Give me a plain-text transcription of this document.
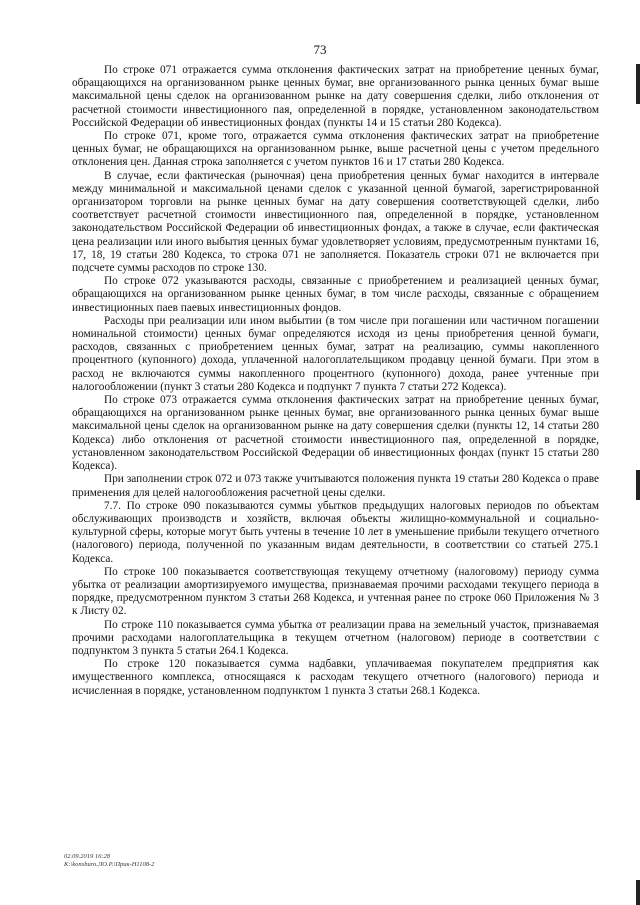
73

По строке 071 отражается сумма отклонения фактических затрат на приобретение ценных бумаг, обращающихся на организованном рынке ценных бумаг, вне организованного рынка ценных бумаг выше максимальной цены сделок на организованном рынке на дату совершения сделки, либо отклонения от расчетной стоимости инвестиционного пая, определенной в порядке, установленном законодательством Российской Федерации об инвестиционных фондах (пункты 14 и 15 статьи 280 Кодекса).

По строке 071, кроме того, отражается сумма отклонения фактических затрат на приобретение ценных бумаг, не обращающихся на организованном рынке, выше расчетной цены с учетом предельного отклонения цен. Данная строка заполняется с учетом пунктов 16 и 17 статьи 280 Кодекса.

В случае, если фактическая (рыночная) цена приобретения ценных бумаг находится в интервале между минимальной и максимальной ценами сделок с указанной ценной бумагой, зарегистрированной организатором торговли на рынке ценных бумаг на дату совершения соответствующей сделки, либо соответствует расчетной стоимости инвестиционного пая, определенной в порядке, установленном законодательством Российской Федерации об инвестиционных фондах, а также в случае, если фактическая цена реализации или иного выбытия ценных бумаг удовлетворяет условиям, предусмотренным пунктами 16, 17, 18, 19 статьи 280 Кодекса, то строка 071 не заполняется. Показатель строки 071 не включается при подсчете суммы расходов по строке 130.

По строке 072 указываются расходы, связанные с приобретением и реализацией ценных бумаг, обращающихся на организованном рынке ценных бумаг, в том числе расходы, связанные с обращением инвестиционных паев паевых инвестиционных фондов.

Расходы при реализации или ином выбытии (в том числе при погашении или частичном погашении номинальной стоимости) ценных бумаг определяются исходя из цены приобретения ценной бумаги, расходов, связанных с приобретением ценных бумаг, затрат на реализацию, суммы накопленного процентного (купонного) дохода, уплаченной налогоплательщиком продавцу ценной бумаги. При этом в расход не включаются суммы накопленного процентного (купонного) дохода, ранее учтенные при налогообложении (пункт 3 статьи 280 Кодекса и подпункт 7 пункта 7 статьи 272 Кодекса).

По строке 073 отражается сумма отклонения фактических затрат на приобретение ценных бумаг, обращающихся на организованном рынке ценных бумаг, вне организованного рынка ценных бумаг выше максимальной цены сделок на организованном рынке на дату совершения сделки (пункты 12, 14 статьи 280 Кодекса) либо отклонения от расчетной стоимости инвестиционного пая, определенной в порядке, установленном законодательством Российской Федерации об инвестиционных фондах (пункт 15 статьи 280 Кодекса).

При заполнении строк 072 и 073 также учитываются положения пункта 19 статьи 280 Кодекса о праве применения для целей налогообложения расчетной цены сделки.

7.7. По строке 090 показываются суммы убытков предыдущих налоговых периодов по объектам обслуживающих производств и хозяйств, включая объекты жилищно-коммунальной и социально-культурной сферы, которые могут быть учтены в течение 10 лет в уменьшение прибыли текущего отчетного (налогового) периода, полученной по указанным видам деятельности, в соответствии со статьей 275.1 Кодекса.

По строке 100 показывается соответствующая текущему отчетному (налоговому) периоду сумма убытка от реализации амортизируемого имущества, признаваемая прочими расходами текущего периода в порядке, предусмотренном пунктом 3 статьи 268 Кодекса, и учтенная ранее по строке 060 Приложения № 3 к Листу 02.

По строке 110 показывается сумма убытка от реализации права на земельный участок, признаваемая прочими расходами налогоплательщика в текущем отчетном (налоговом) периоде в соответствии с подпунктом 3 пункта 5 статьи 264.1 Кодекса.

По строке 120 показывается сумма надбавки, уплачиваемая покупателем предприятия как имущественного комплекса, относящаяся к расходам текущего отчетного (налогового) периода и исчисленная в порядке, установленном подпунктом 1 пункта 3 статьи 268.1 Кодекса.

02.09.2019 16:28
К:\konsburo.ЛО.Р.\Прик-Н1108-2
